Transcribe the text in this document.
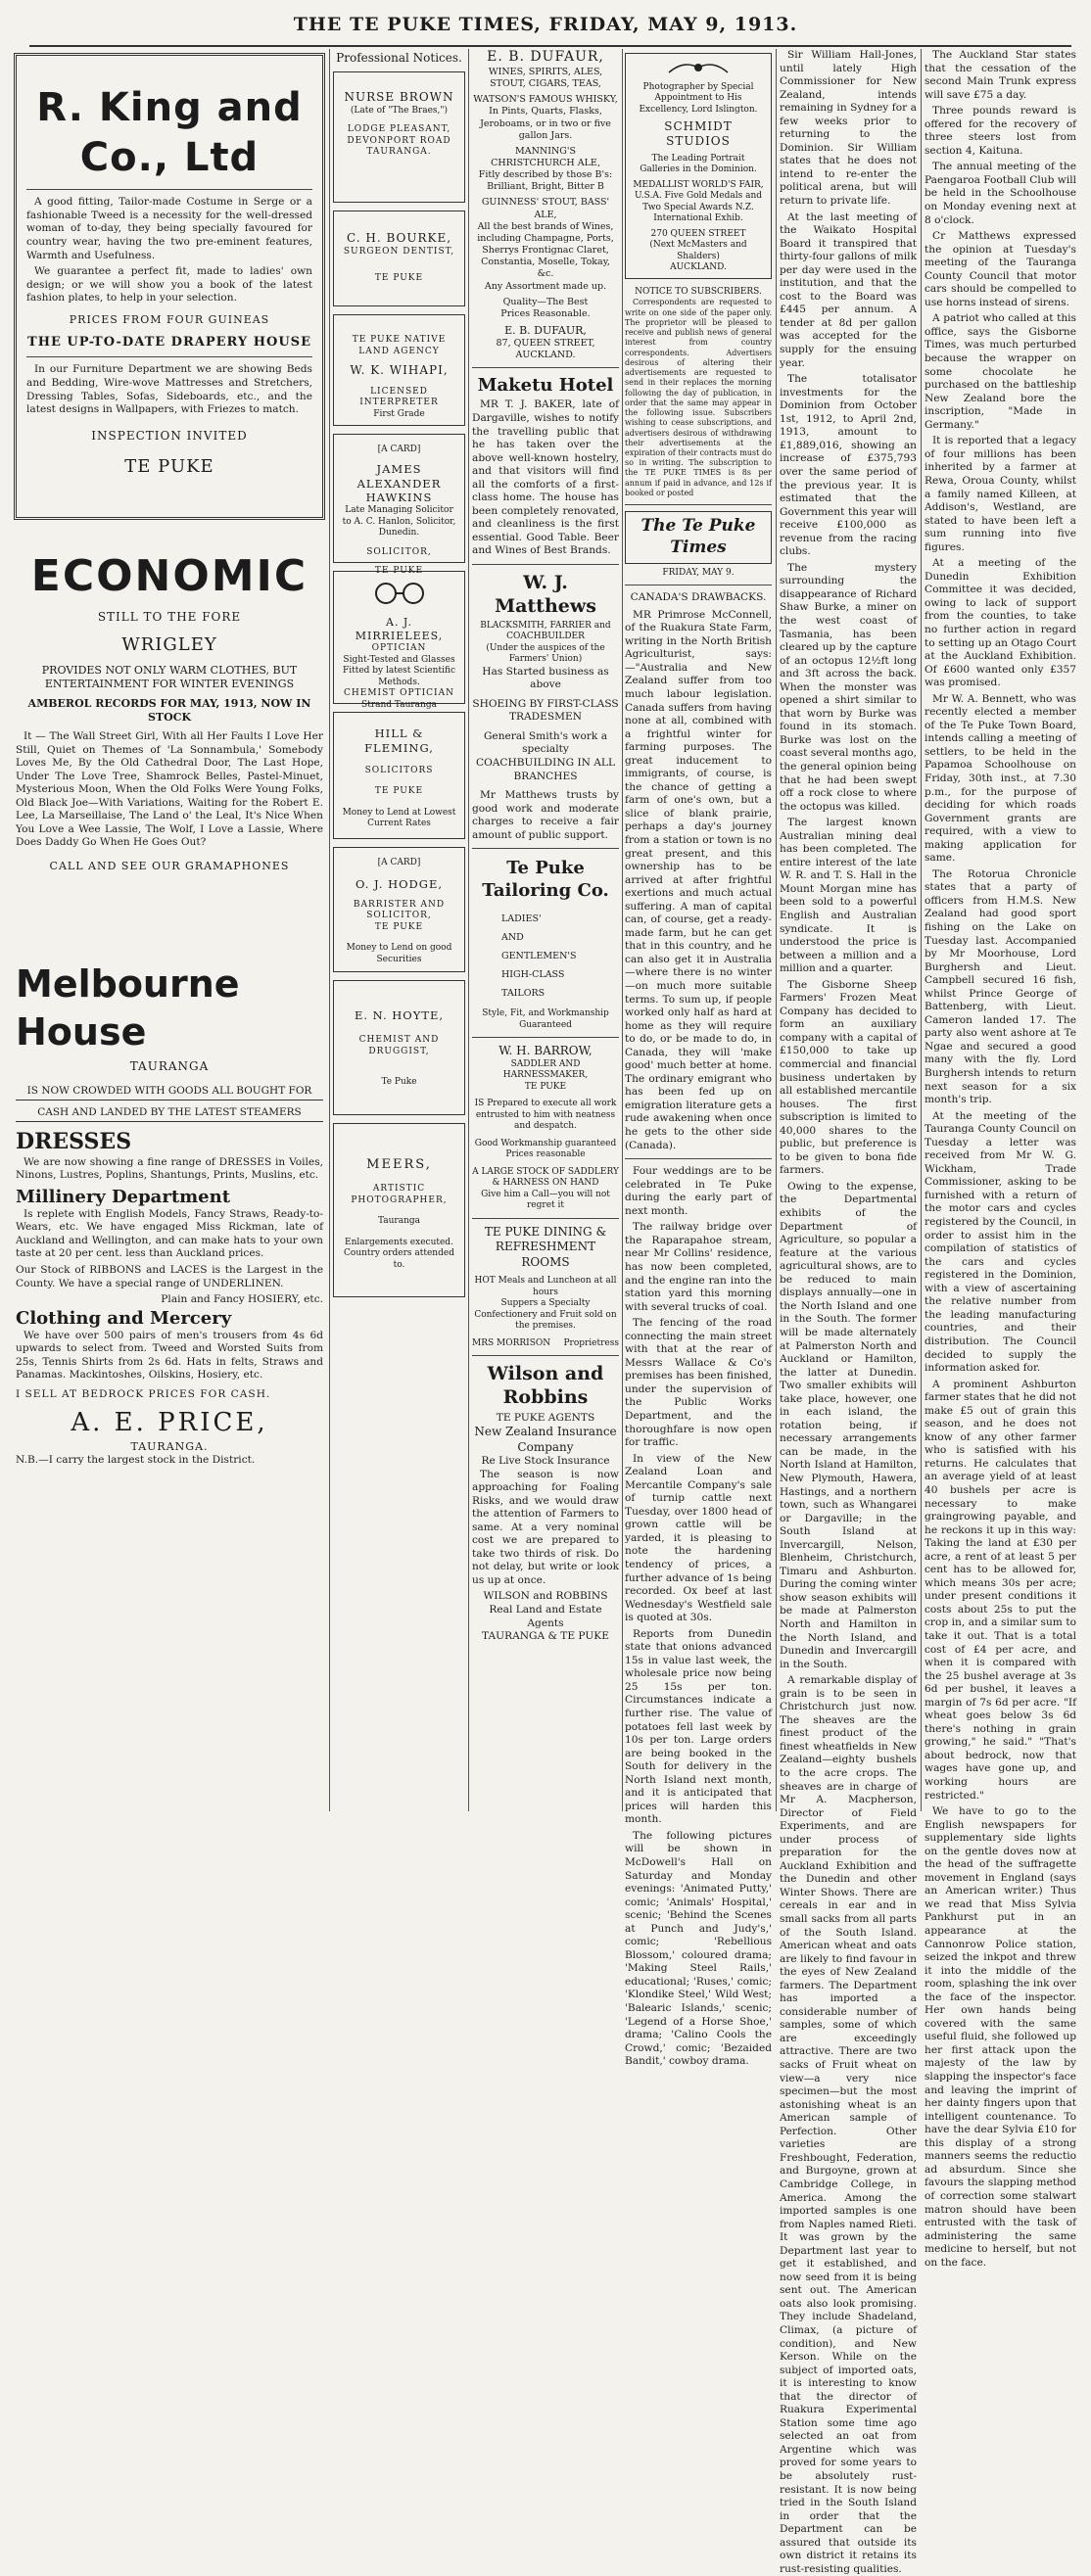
THE TE PUKE TIMES, FRIDAY, MAY 9, 1913.
R. King and Co., Ltd

A good fitting, Tailor-made Costume in Serge or a fashionable Tweed is a necessity for the well-dressed woman of to-day, they being specially favoured for country wear, having the two pre-eminent features, Warmth and Usefulness.

We guarantee a perfect fit, made to ladies' own design; or we will show you a book of the latest fashion plates, to help in your selection.

PRICES FROM FOUR GUINEAS
THE UP-TO-DATE DRAPERY HOUSE

In our Furniture Department we are showing Beds and Bedding, Wire-wove Mattresses and Stretchers, Dressing Tables, Sofas, Sideboards, etc., and the latest designs in Wallpapers, with Friezes to match.

INSPECTION INVITED
TE PUKE
ECONOMIC
STILL TO THE FORE
WRIGLEY
PROVIDES NOT ONLY WARM CLOTHES, BUT ENTERTAINMENT FOR WINTER EVENINGS
AMBEROL RECORDS FOR MAY, 1913, NOW IN STOCK

It — The Wall Street Girl, With all Her Faults I Love Her Still, Quiet on Themes of 'La Sonnambula,' Somebody Loves Me, By the Old Cathedral Door, The Last Hope, Under The Love Tree, Shamrock Belles, Pastel-Minuet, Mysterious Moon, When the Old Folks Were Young Folks, Old Black Joe—With Variations, Waiting for the Robert E. Lee, La Marseillaise, The Land o' the Leal, It's Nice When You Love a Wee Lassie, The Wolf, I Love a Lassie, Where Does Daddy Go When He Goes Out?

CALL AND SEE OUR GRAMAPHONES
Melbourne House
TAURANGA
IS NOW CROWDED WITH GOODS ALL BOUGHT FOR
CASH AND LANDED BY THE LATEST STEAMERS
DRESSES

We are now showing a fine range of DRESSES in Voiles, Ninons, Lustres, Poplins, Shantungs, Prints, Muslins, etc.

Millinery Department

Is replete with English Models, Fancy Straws, Ready-to-Wears, etc. We have engaged Miss Rickman, late of Auckland and Wellington, and can make hats to your own taste at 20 per cent. less than Auckland prices.

Our Stock of RIBBONS and LACES is the Largest in the County. We have a special range of UNDERLINEN.

Plain and Fancy HOSIERY, etc.
Clothing and Mercery

We have over 500 pairs of men's trousers from 4s 6d upwards to select from. Tweed and Worsted Suits from 25s, Tennis Shirts from 2s 6d. Hats in felts, Straws and Panamas. Mackintoshes, Oilskins, Hosiery, etc.

I SELL AT BEDROCK PRICES FOR CASH.
A. E. PRICE,
TAURANGA.
N.B.—I carry the largest stock in the District.
Professional Notices.
NURSE BROWN
(Late of "The Braes,")
LODGE PLEASANT,
DEVONPORT ROAD
TAURANGA.
C. H. BOURKE,
SURGEON DENTIST,
TE PUKE
TE PUKE NATIVE LAND AGENCY
W. K. WIHAPI,
LICENSED INTERPRETER
First Grade
[A CARD]
JAMES ALEXANDER HAWKINS
Late Managing Solicitor to A. C. Hanlon, Solicitor, Dunedin.
SOLICITOR,
TE PUKE
A. J. MIRRIELEES,
OPTICIAN
Sight-Tested and Glasses Fitted by latest Scientific Methods.
CHEMIST OPTICIAN
Strand Tauranga
HILL & FLEMING,
SOLICITORS
TE PUKE
Money to Lend at Lowest Current Rates
[A CARD]
O. J. HODGE,
BARRISTER AND SOLICITOR,
TE PUKE
Money to Lend on good Securities
E. N. HOYTE,
CHEMIST AND DRUGGIST,
Te Puke
MEERS,
ARTISTIC PHOTOGRAPHER,
Tauranga
Enlargements executed.
Country orders attended to.
E. B. DUFAUR,
WINES, SPIRITS, ALES, STOUT, CIGARS, TEAS,
WATSON'S FAMOUS WHISKY,
In Pints, Quarts, Flasks, Jeroboams, or in two or five gallon Jars.
MANNING'S CHRISTCHURCH ALE,
Fitly described by those B's: Brilliant, Bright, Bitter B
GUINNESS' STOUT, BASS' ALE,
All the best brands of Wines, including Champagne, Ports, Sherrys Frontignac Claret, Constantia, Moselle, Tokay, &c.
Any Assortment made up.
Quality—The Best
Prices Reasonable.
E. B. DUFAUR,
87, QUEEN STREET, AUCKLAND.
Maketu Hotel

MR T. J. BAKER, late of Dargaville, wishes to notify the travelling public that he has taken over the above well-known hostelry, and that visitors will find all the comforts of a first-class home. The house has been completely renovated, and cleanliness is the first essential. Good Table. Beer and Wines of Best Brands.

W. J. Matthews
BLACKSMITH, FARRIER and COACHBUILDER
(Under the auspices of the Farmers' Union)
Has Started business as above
SHOEING BY FIRST-CLASS TRADESMEN
General Smith's work a specialty COACHBUILDING IN ALL BRANCHES

Mr Matthews trusts by good work and moderate charges to receive a fair amount of public support.

Te Puke Tailoring Co.
LADIES'
AND
GENTLEMEN'S
HIGH-CLASS
TAILORS
Style, Fit, and Workmanship Guaranteed
W. H. BARROW,
SADDLER AND HARNESSMAKER,
TE PUKE
IS Prepared to execute all work entrusted to him with neatness and despatch.
Good Workmanship guaranteed Prices reasonable
A LARGE STOCK OF SADDLERY & HARNESS ON HAND
Give him a Call—you will not regret it
TE PUKE DINING & REFRESHMENT ROOMS
HOT Meals and Luncheon at all hours
Suppers a Specialty
Confectionery and Fruit sold on the premises.
MRS MORRISON Proprietress
Wilson and Robbins
TE PUKE AGENTS
New Zealand Insurance Company
Re Live Stock Insurance

The season is now approaching for Foaling Risks, and we would draw the attention of Farmers to same. At a very nominal cost we are prepared to take two thirds of risk. Do not delay, but write or look us up at once.

WILSON and ROBBINS
Real Land and Estate Agents
TAURANGA & TE PUKE
Photographer by Special Appointment to His Excellency, Lord Islington.
SCHMIDT STUDIOS
The Leading Portrait Galleries in the Dominion.
MEDALLIST WORLD'S FAIR, U.S.A. Five Gold Medals and Two Special Awards N.Z. International Exhib.
270 QUEEN STREET
(Next McMasters and Shalders)
AUCKLAND.
NOTICE TO SUBSCRIBERS.

Correspondents are requested to write on one side of the paper only. The proprietor will be pleased to receive and publish news of general interest from country correspondents. Advertisers desirous of altering their advertisements are requested to send in their replaces the morning following the day of publication, in order that the same may appear in the following issue. Subscribers wishing to cease subscriptions, and advertisers desirous of withdrawing their advertisements at the expiration of their contracts must do so in writing. The subscription to the TE PUKE TIMES is 8s per annum if paid in advance, and 12s if booked or posted

The Te Puke Times
FRIDAY, MAY 9.
CANADA'S DRAWBACKS.

MR Primrose McConnell, of the Ruakura State Farm, writing in the North British Agriculturist, says:—"Australia and New Zealand suffer from too much labour legislation. Canada suffers from having none at all, combined with a frightful winter for farming purposes. The great inducement to immigrants, of course, is the chance of getting a farm of one's own, but a slice of blank prairie, perhaps a day's journey from a station or town is no great present, and this ownership has to be arrived at after frightful exertions and much actual suffering. A man of capital can, of course, get a ready-made farm, but he can get that in this country, and he can also get it in Australia—where there is no winter—on much more suitable terms. To sum up, if people worked only half as hard at home as they will require to do, or be made to do, in Canada, they will 'make good' much better at home. The ordinary emigrant who has been fed up on emigration literature gets a rude awakening when once he gets to the other side (Canada).

Four weddings are to be celebrated in Te Puke during the early part of next month.

The railway bridge over the Raparapahoe stream, near Mr Collins' residence, has now been completed, and the engine ran into the station yard this morning with several trucks of coal.

The fencing of the road connecting the main street with that at the rear of Messrs Wallace & Co's premises has been finished, under the supervision of the Public Works Department, and the thoroughfare is now open for traffic.

In view of the New Zealand Loan and Mercantile Company's sale of turnip cattle next Tuesday, over 1800 head of grown cattle will be yarded, it is pleasing to note the hardening tendency of prices, a further advance of 1s being recorded. Ox beef at last Wednesday's Westfield sale is quoted at 30s.

Reports from Dunedin state that onions advanced 15s in value last week, the wholesale price now being 25 15s per ton. Circumstances indicate a further rise. The value of potatoes fell last week by 10s per ton. Large orders are being booked in the South for delivery in the North Island next month, and it is anticipated that prices will harden this month.

The following pictures will be shown in McDowell's Hall on Saturday and Monday evenings: 'Animated Putty,' comic; 'Animals' Hospital,' scenic; 'Behind the Scenes at Punch and Judy's,' comic; 'Rebellious Blossom,' coloured drama; 'Making Steel Rails,' educational; 'Ruses,' comic; 'Klondike Steel,' Wild West; 'Balearic Islands,' scenic; 'Legend of a Horse Shoe,' drama; 'Calino Cools the Crowd,' comic; 'Bezaided Bandit,' cowboy drama.

Sir William Hall-Jones, until lately High Commissioner for New Zealand, intends remaining in Sydney for a few weeks prior to returning to the Dominion. Sir William states that he does not intend to re-enter the political arena, but will return to private life.

At the last meeting of the Waikato Hospital Board it transpired that thirty-four gallons of milk per day were used in the institution, and that the cost to the Board was £445 per annum. A tender at 8d per gallon was accepted for the supply for the ensuing year.

The totalisator investments for the Dominion from October 1st, 1912, to April 2nd, 1913, amount to £1,889,016, showing an increase of £375,793 over the same period of the previous year. It is estimated that the Government this year will receive £100,000 as revenue from the racing clubs.

The mystery surrounding the disappearance of Richard Shaw Burke, a miner on the west coast of Tasmania, has been cleared up by the capture of an octopus 12½ft long and 3ft across the back. When the monster was opened a shirt similar to that worn by Burke was found in its stomach. Burke was lost on the coast several months ago, the general opinion being that he had been swept off a rock close to where the octopus was killed.

The largest known Australian mining deal has been completed. The entire interest of the late W. R. and T. S. Hall in the Mount Morgan mine has been sold to a powerful English and Australian syndicate. It is understood the price is between a million and a million and a quarter.

The Gisborne Sheep Farmers' Frozen Meat Company has decided to form an auxiliary company with a capital of £150,000 to take up commercial and financial business undertaken by all established mercantile houses. The first subscription is limited to 40,000 shares to the public, but preference is to be given to bona fide farmers.

Owing to the expense, the Departmental exhibits of the Department of Agriculture, so popular a feature at the various agricultural shows, are to be reduced to main displays annually—one in the North Island and one in the South. The former will be made alternately at Palmerston North and Auckland or Hamilton, the latter at Dunedin. Two smaller exhibits will take place, however, one in each island, the rotation being, if necessary arrangements can be made, in the North Island at Hamilton, New Plymouth, Hawera, Hastings, and a northern town, such as Whangarei or Dargaville; in the South Island at Invercargill, Nelson, Blenheim, Christchurch, Timaru and Ashburton. During the coming winter show season exhibits will be made at Palmerston North and Hamilton in the North Island, and Dunedin and Invercargill in the South.

A remarkable display of grain is to be seen in Christchurch just now. The sheaves are the finest product of the finest wheatfields in New Zealand—eighty bushels to the acre crops. The sheaves are in charge of Mr A. Macpherson, Director of Field Experiments, and are under process of preparation for the Auckland Exhibition and the Dunedin and other Winter Shows. There are cereals in ear and in small sacks from all parts of the South Island. American wheat and oats are likely to find favour in the eyes of New Zealand farmers. The Department has imported a considerable number of samples, some of which are exceedingly attractive. There are two sacks of Fruit wheat on view—a very nice specimen—but the most astonishing wheat is an American sample of Perfection. Other varieties are Freshbought, Federation, and Burgoyne, grown at Cambridge College, in America. Among the imported samples is one from Naples named Rieti. It was grown by the Department last year to get it established, and now seed from it is being sent out. The American oats also look promising. They include Shadeland, Climax, (a picture of condition), and New Kerson. While on the subject of imported oats, it is interesting to know that the director of Ruakura Experimental Station some time ago selected an oat from Argentine which was proved for some years to be absolutely rust-resistant. It is now being tried in the South Island in order that the Department can be assured that outside its own district it retains its rust-resisting qualities.

The Auckland Star states that the cessation of the second Main Trunk express will save £75 a day.

Three pounds reward is offered for the recovery of three steers lost from section 4, Kaituna.

The annual meeting of the Paengaroa Football Club will be held in the Schoolhouse on Monday evening next at 8 o'clock.

Cr Matthews expressed the opinion at Tuesday's meeting of the Tauranga County Council that motor cars should be compelled to use horns instead of sirens.

A patriot who called at this office, says the Gisborne Times, was much perturbed because the wrapper on some chocolate he purchased on the battleship New Zealand bore the inscription, "Made in Germany."

It is reported that a legacy of four millions has been inherited by a farmer at Rewa, Oroua County, whilst a family named Killeen, at Addison's, Westland, are stated to have been left a sum running into five figures.

At a meeting of the Dunedin Exhibition Committee it was decided, owing to lack of support from the counties, to take no further action in regard to setting up an Otago Court at the Auckland Exhibition. Of £600 wanted only £357 was promised.

Mr W. A. Bennett, who was recently elected a member of the Te Puke Town Board, intends calling a meeting of settlers, to be held in the Papamoa Schoolhouse on Friday, 30th inst., at 7.30 p.m., for the purpose of deciding for which roads Government grants are required, with a view to making application for same.

The Rotorua Chronicle states that a party of officers from H.M.S. New Zealand had good sport fishing on the Lake on Tuesday last. Accompanied by Mr Moorhouse, Lord Burghersh and Lieut. Campbell secured 16 fish, whilst Prince George of Battenberg, with Lieut. Cameron landed 17. The party also went ashore at Te Ngae and secured a good many with the fly. Lord Burghersh intends to return next season for a six month's trip.

At the meeting of the Tauranga County Council on Tuesday a letter was received from Mr W. G. Wickham, Trade Commissioner, asking to be furnished with a return of the motor cars and cycles registered by the Council, in order to assist him in the compilation of statistics of the cars and cycles registered in the Dominion, with a view of ascertaining the relative number from the leading manufacturing countries, and their distribution. The Council decided to supply the information asked for.

A prominent Ashburton farmer states that he did not make £5 out of grain this season, and he does not know of any other farmer who is satisfied with his returns. He calculates that an average yield of at least 40 bushels per acre is necessary to make graingrowing payable, and he reckons it up in this way: Taking the land at £30 per acre, a rent of at least 5 per cent has to be allowed for, which means 30s per acre; under present conditions it costs about 25s to put the crop in, and a similar sum to take it out. That is a total cost of £4 per acre, and when it is compared with the 25 bushel average at 3s 6d per bushel, it leaves a margin of 7s 6d per acre. "If wheat goes below 3s 6d there's nothing in grain growing," he said." "That's about bedrock, now that wages have gone up, and working hours are restricted."

We have to go to the English newspapers for supplementary side lights on the gentle doves now at the head of the suffragette movement in England (says an American writer.) Thus we read that Miss Sylvia Pankhurst put in an appearance at the Cannonrow Police station, seized the inkpot and threw it into the middle of the room, splashing the ink over the face of the inspector. Her own hands being covered with the same useful fluid, she followed up her first attack upon the majesty of the law by slapping the inspector's face and leaving the imprint of her dainty fingers upon that intelligent countenance. To have the dear Sylvia £10 for this display of a strong manners seems the reductio ad absurdum. Since she favours the slapping method of correction some stalwart matron should have been entrusted with the task of administering the same medicine to herself, but not on the face.
